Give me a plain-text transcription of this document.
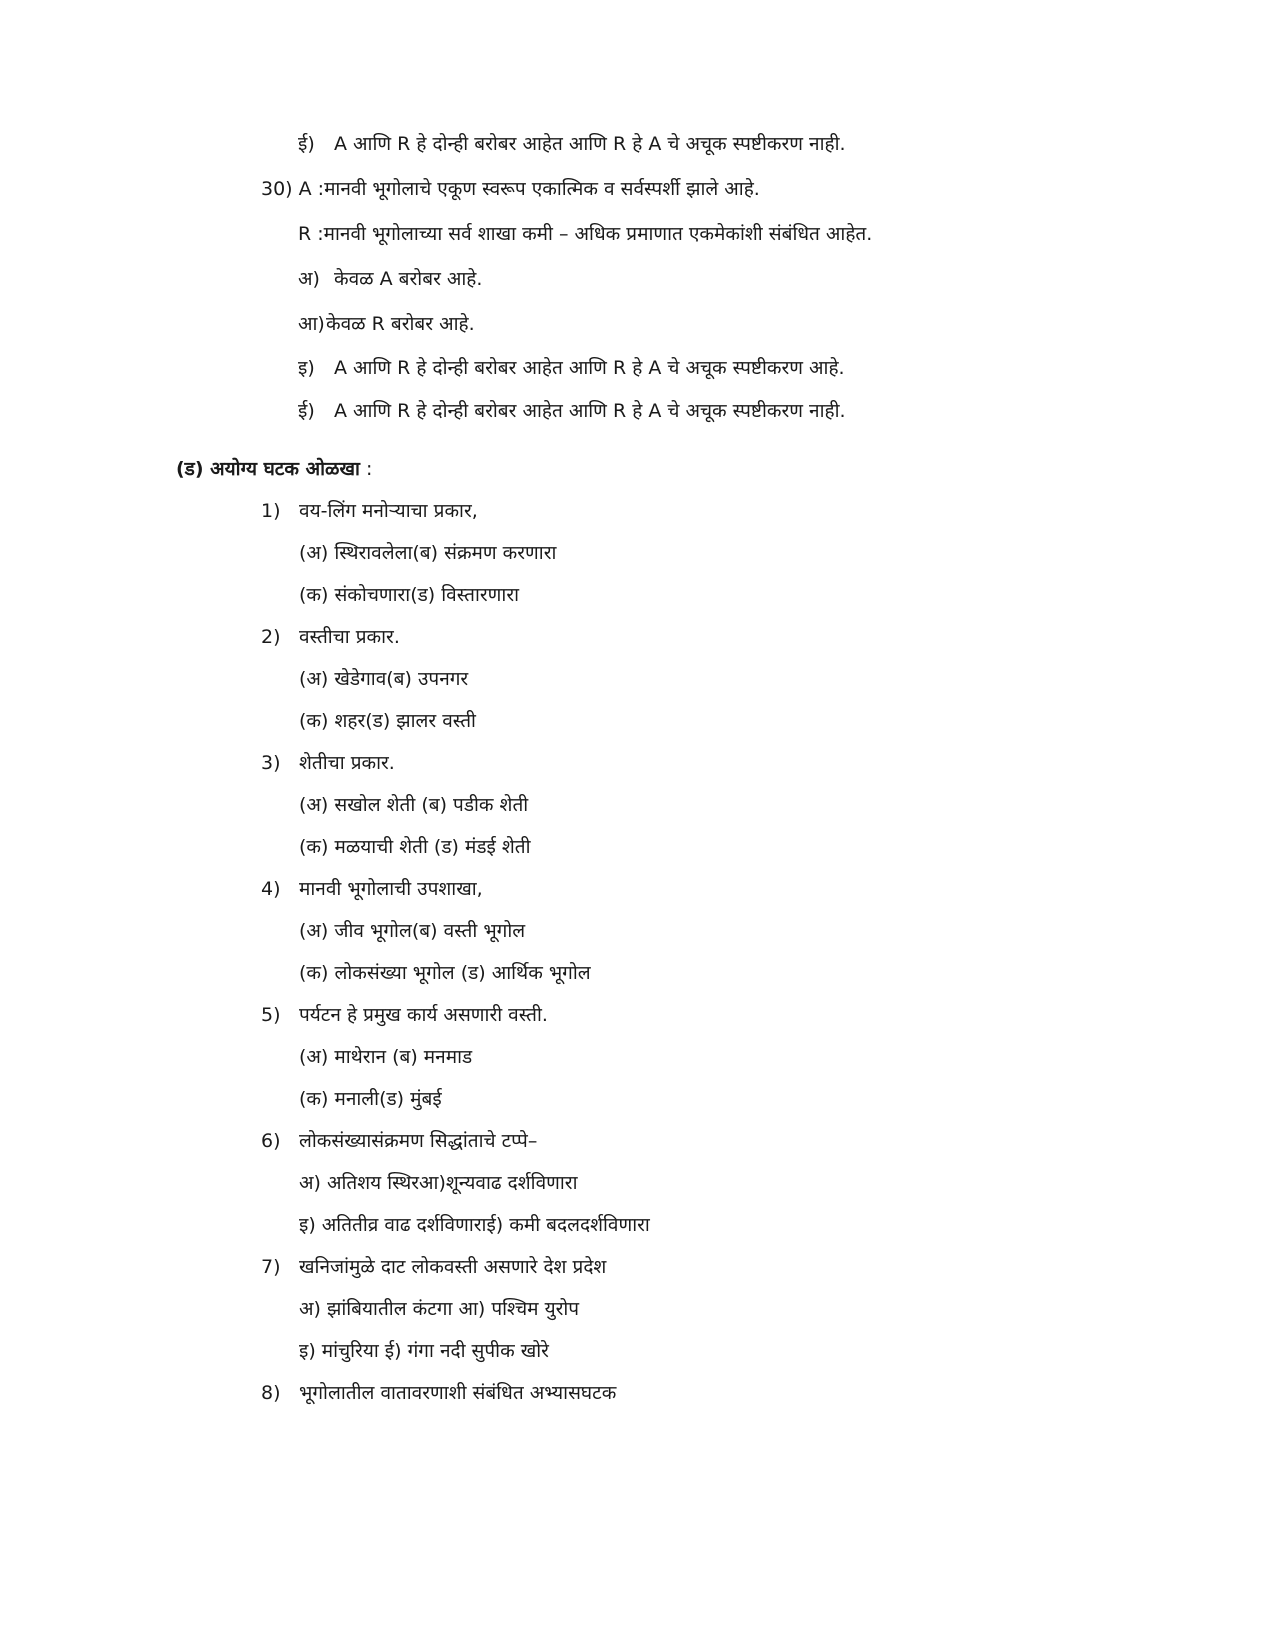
ई) A आणि R हे दोन्ही बरोबर आहेत आणि R हे A चे अचूक स्पष्टीकरण नाही.
30) A :मानवी भूगोलाचे एकूण स्वरूप एकात्मिक व सर्वस्पर्शी झाले आहे.
R :मानवी भूगोलाच्या सर्व शाखा कमी – अधिक प्रमाणात एकमेकांशी संबंधित आहेत.
अ) केवळ A बरोबर आहे.
आ)केवळ R बरोबर आहे.
इ) A आणि R हे दोन्ही बरोबर आहेत आणि R हे A चे अचूक स्पष्टीकरण आहे.
ई) A आणि R हे दोन्ही बरोबर आहेत आणि R हे A चे अचूक स्पष्टीकरण नाही.
(ड) अयोग्य घटक ओळखा :
1) वय-लिंग मनोऱ्याचा प्रकार,
(अ) स्थिरावलेला(ब) संक्रमण करणारा
(क) संकोचणारा(ड) विस्तारणारा
2) वस्तीचा प्रकार.
(अ) खेडेगाव(ब) उपनगर
(क) शहर(ड) झालर वस्ती
3) शेतीचा प्रकार.
(अ) सखोल शेती (ब) पडीक शेती
(क) मळयाची शेती (ड) मंडई शेती
4) मानवी भूगोलाची उपशाखा,
(अ) जीव भूगोल(ब) वस्ती भूगोल
(क) लोकसंख्या भूगोल (ड) आर्थिक भूगोल
5) पर्यटन हे प्रमुख कार्य असणारी वस्ती.
(अ) माथेरान (ब) मनमाड
(क) मनाली(ड) मुंबई
6) लोकसंख्यासंक्रमण सिद्धांताचे टप्पे–
अ) अतिशय स्थिरआ)शून्यवाढ दर्शविणारा
इ) अतितीव्र वाढ दर्शविणाराई) कमी बदलदर्शविणारा
7) खनिजांमुळे दाट लोकवस्ती असणारे देश प्रदेश
अ) झांबियातील कंटगा आ) पश्चिम युरोप
इ) मांचुरिया ई) गंगा नदी सुपीक खोरे
8) भूगोलातील वातावरणाशी संबंधित अभ्यासघटक
